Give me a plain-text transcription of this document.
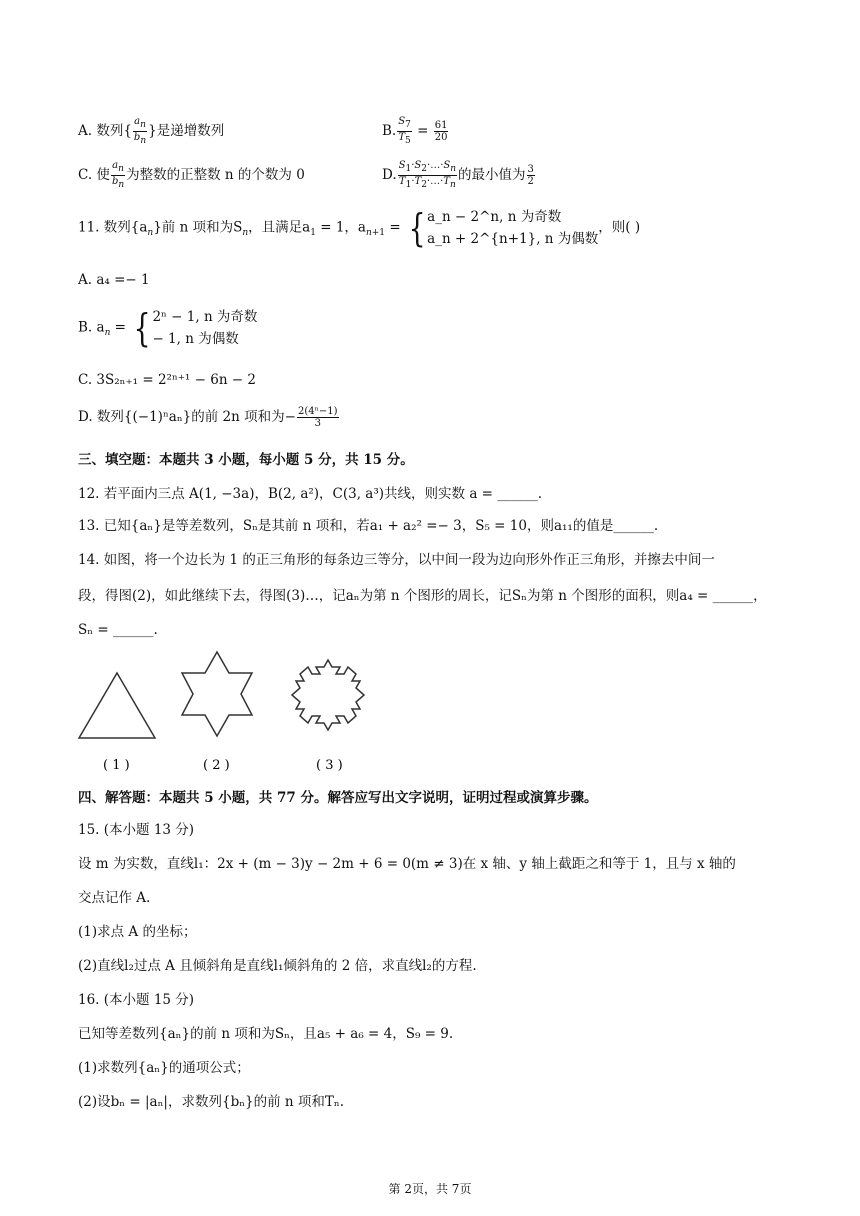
A. 数列{ $\frac{a_n}{b_n}$ }是递增数列	B. $\frac{S_7}{T_5} = \frac{61}{20}$
C. 使 $\frac{a_n}{b_n}$ 为整数的正整数 n 的个数为 0	D. $\frac{S_1\cdot S_2\cdot\dots\cdot S_n}{T_1\cdot T_2\cdot\dots\cdot T_n}$ 的最小值为 $\frac{3}{2}$
11. 数列$\{a_n\}$前 n 项和为$S_n$，且满足$a_1 = 1$，$a_{n+1}$ = { a_n − 2^n, n 为奇数
a_n + 2^{n+1}, n 为偶数
，则( )
A. a₄ =− 1
B. $a_n$ = { 2ⁿ − 1, n 为奇数
− 1, n 为偶数
C. 3S₂ₙ₊₁ = 2²ⁿ⁺¹ − 6n − 2
D. 数列{(−1)ⁿaₙ}的前 2n 项和为− $\frac{\text{2(4ⁿ−1)}}{3}$
三、填空题：本题共 3 小题，每小题 5 分，共 15 分。
12. 若平面内三点 A(1, −3a)，B(2, a²)，C(3, a³)共线，则实数 a = ______.
13. 已知{aₙ}是等差数列，Sₙ是其前 n 项和，若a₁ + a₂² =− 3，S₅ = 10，则a₁₁的值是______.
14. 如图，将一个边长为 1 的正三角形的每条边三等分，以中间一段为边向形外作正三角形，并擦去中间一
段，得图(2)，如此继续下去，得图(3)…，记aₙ为第 n 个图形的周长，记Sₙ为第 n 个图形的面积，则a₄ = ______，
Sₙ = ______.
( 1 )	( 2 )	( 3 )
四、解答题：本题共 5 小题，共 77 分。解答应写出文字说明，证明过程或演算步骤。
15. (本小题 13 分)
设 m 为实数，直线l₁：2x + (m − 3)y − 2m + 6 = 0(m ≠ 3)在 x 轴、y 轴上截距之和等于 1，且与 x 轴的
交点记作 A.
(1)求点 A 的坐标；
(2)直线l₂过点 A 且倾斜角是直线l₁倾斜角的 2 倍，求直线l₂的方程.
16. (本小题 15 分)
已知等差数列{aₙ}的前 n 项和为Sₙ，且a₅ + a₆ = 4，S₉ = 9.
(1)求数列{aₙ}的通项公式；
(2)设bₙ = |aₙ|，求数列{bₙ}的前 n 项和Tₙ.
第 2页，共 7页
